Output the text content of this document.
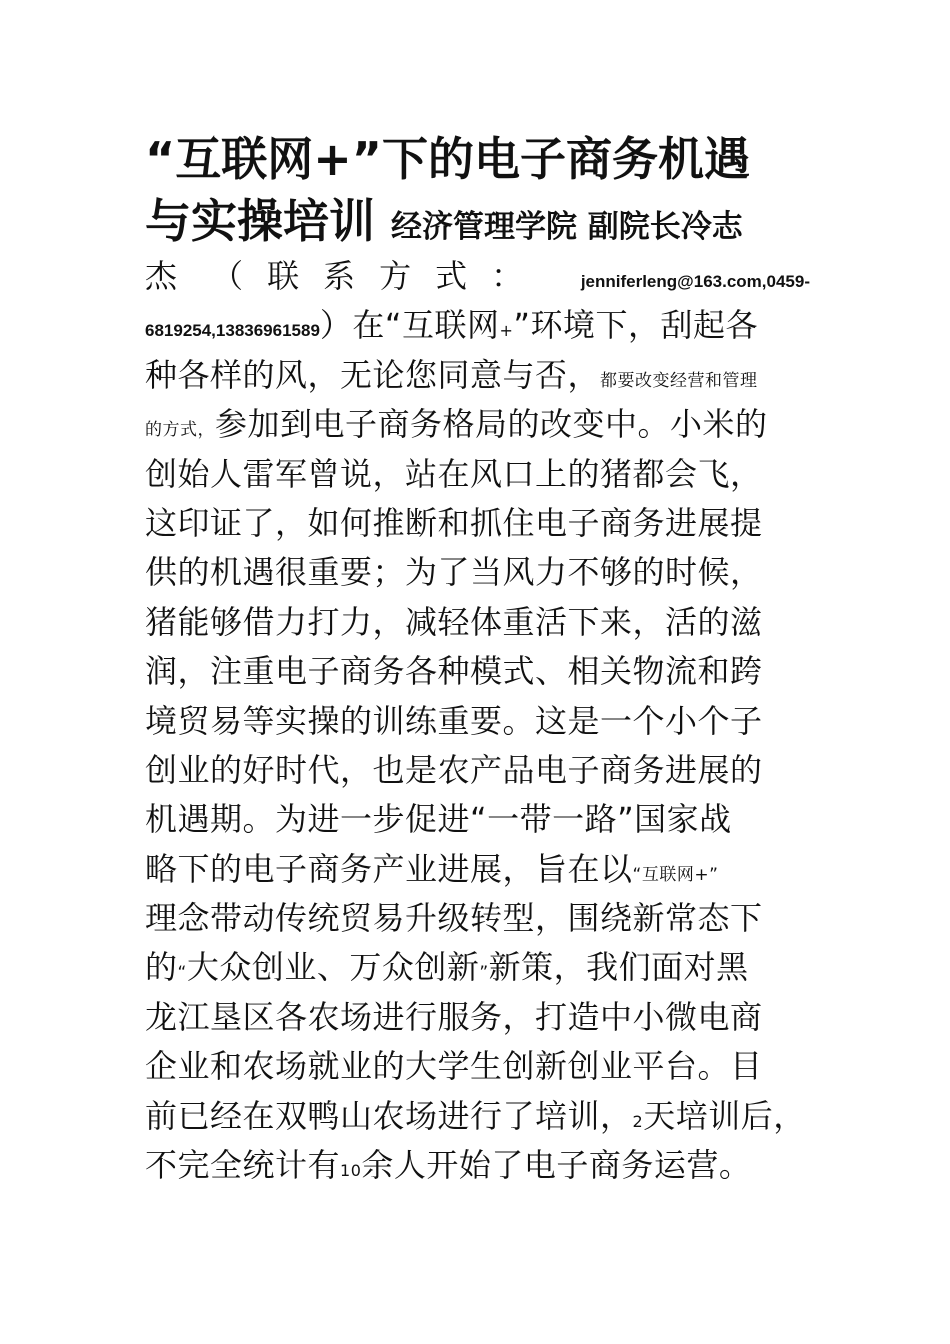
“互联网+”下的电子商务机遇
与实操培训 经济管理学院 副院长冷志
杰 （联系方式： jenniferleng@163.com,0459-
6819254,13836961589）在“互联网+”环境下，刮起各
种各样的风，无论您同意与否，都要改变经营和管理
的方式，参加到电子商务格局的改变中。小米的
创始人雷军曾说，站在风口上的猪都会飞，
这印证了，如何推断和抓住电子商务进展提
供的机遇很重要；为了当风力不够的时候，
猪能够借力打力，减轻体重活下来，活的滋
润，注重电子商务各种模式、相关物流和跨
境贸易等实操的训练重要。这是一个小个子
创业的好时代，也是农产品电子商务进展的
机遇期。为进一步促进“一带一路”国家战
略下的电子商务产业进展，旨在以“互联网+”
理念带动传统贸易升级转型，围绕新常态下
的“大众创业、万众创新”新策，我们面对黑
龙江垦区各农场进行服务，打造中小微电商
企业和农场就业的大学生创新创业平台。目
前已经在双鸭山农场进行了培训，2天培训后，
不完全统计有10余人开始了电子商务运营。
